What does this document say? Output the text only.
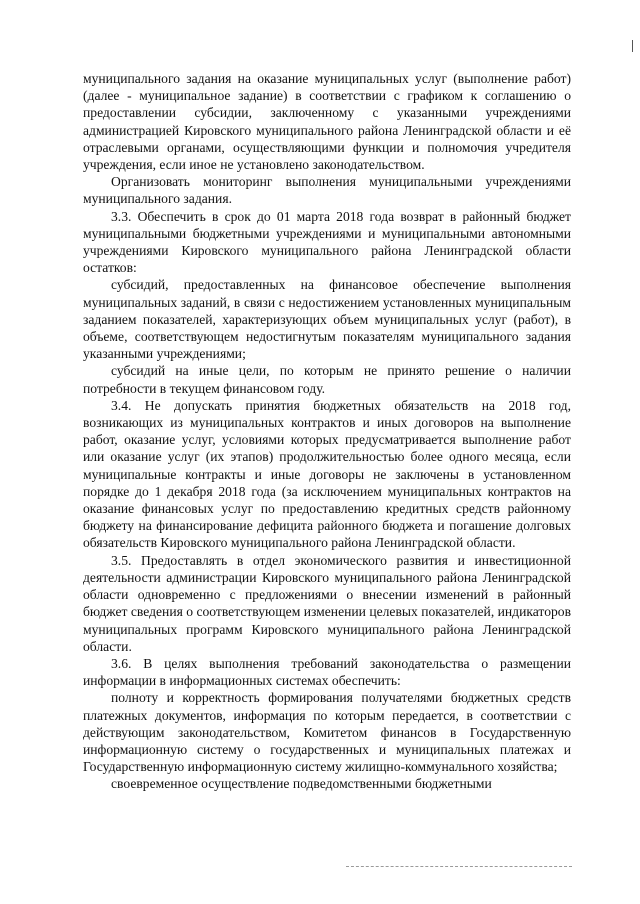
муниципального задания на оказание муниципальных услуг (выполнение работ) (далее - муниципальное задание) в соответствии с графиком к соглашению о предоставлении субсидии, заключенному с указанными учреждениями администрацией Кировского муниципального района Ленинградской области и её отраслевыми органами, осуществляющими функции и полномочия учредителя учреждения, если иное не установлено законодательством.

Организовать мониторинг выполнения муниципальными учреждениями муниципального задания.

3.3. Обеспечить в срок до 01 марта 2018 года возврат в районный бюджет муниципальными бюджетными учреждениями и муниципальными автономными учреждениями Кировского муниципального района Ленинградской области остатков:

субсидий, предоставленных на финансовое обеспечение выполнения муниципальных заданий, в связи с недостижением установленных муниципальным заданием показателей, характеризующих объем муниципальных услуг (работ), в объеме, соответствующем недостигнутым показателям муниципального задания указанными учреждениями;

субсидий на иные цели, по которым не принято решение о наличии потребности в текущем финансовом году.

3.4. Не допускать принятия бюджетных обязательств на 2018 год, возникающих из муниципальных контрактов и иных договоров на выполнение работ, оказание услуг, условиями которых предусматривается выполнение работ или оказание услуг (их этапов) продолжительностью более одного месяца, если муниципальные контракты и иные договоры не заключены в установленном порядке до 1 декабря 2018 года (за исключением муниципальных контрактов на оказание финансовых услуг по предоставлению кредитных средств районному бюджету на финансирование дефицита районного бюджета и погашение долговых обязательств Кировского муниципального района Ленинградской области.

3.5. Предоставлять в отдел экономического развития и инвестиционной деятельности администрации Кировского муниципального района Ленинградской области одновременно с предложениями о внесении изменений в районный бюджет сведения о соответствующем изменении целевых показателей, индикаторов муниципальных программ Кировского муниципального района Ленинградской области.

3.6. В целях выполнения требований законодательства о размещении информации в информационных системах обеспечить:

полноту и корректность формирования получателями бюджетных средств платежных документов, информация по которым передается, в соответствии с действующим законодательством, Комитетом финансов в Государственную информационную систему о государственных и муниципальных платежах и Государственную информационную систему жилищно-коммунального хозяйства;

своевременное осуществление подведомственными бюджетными
